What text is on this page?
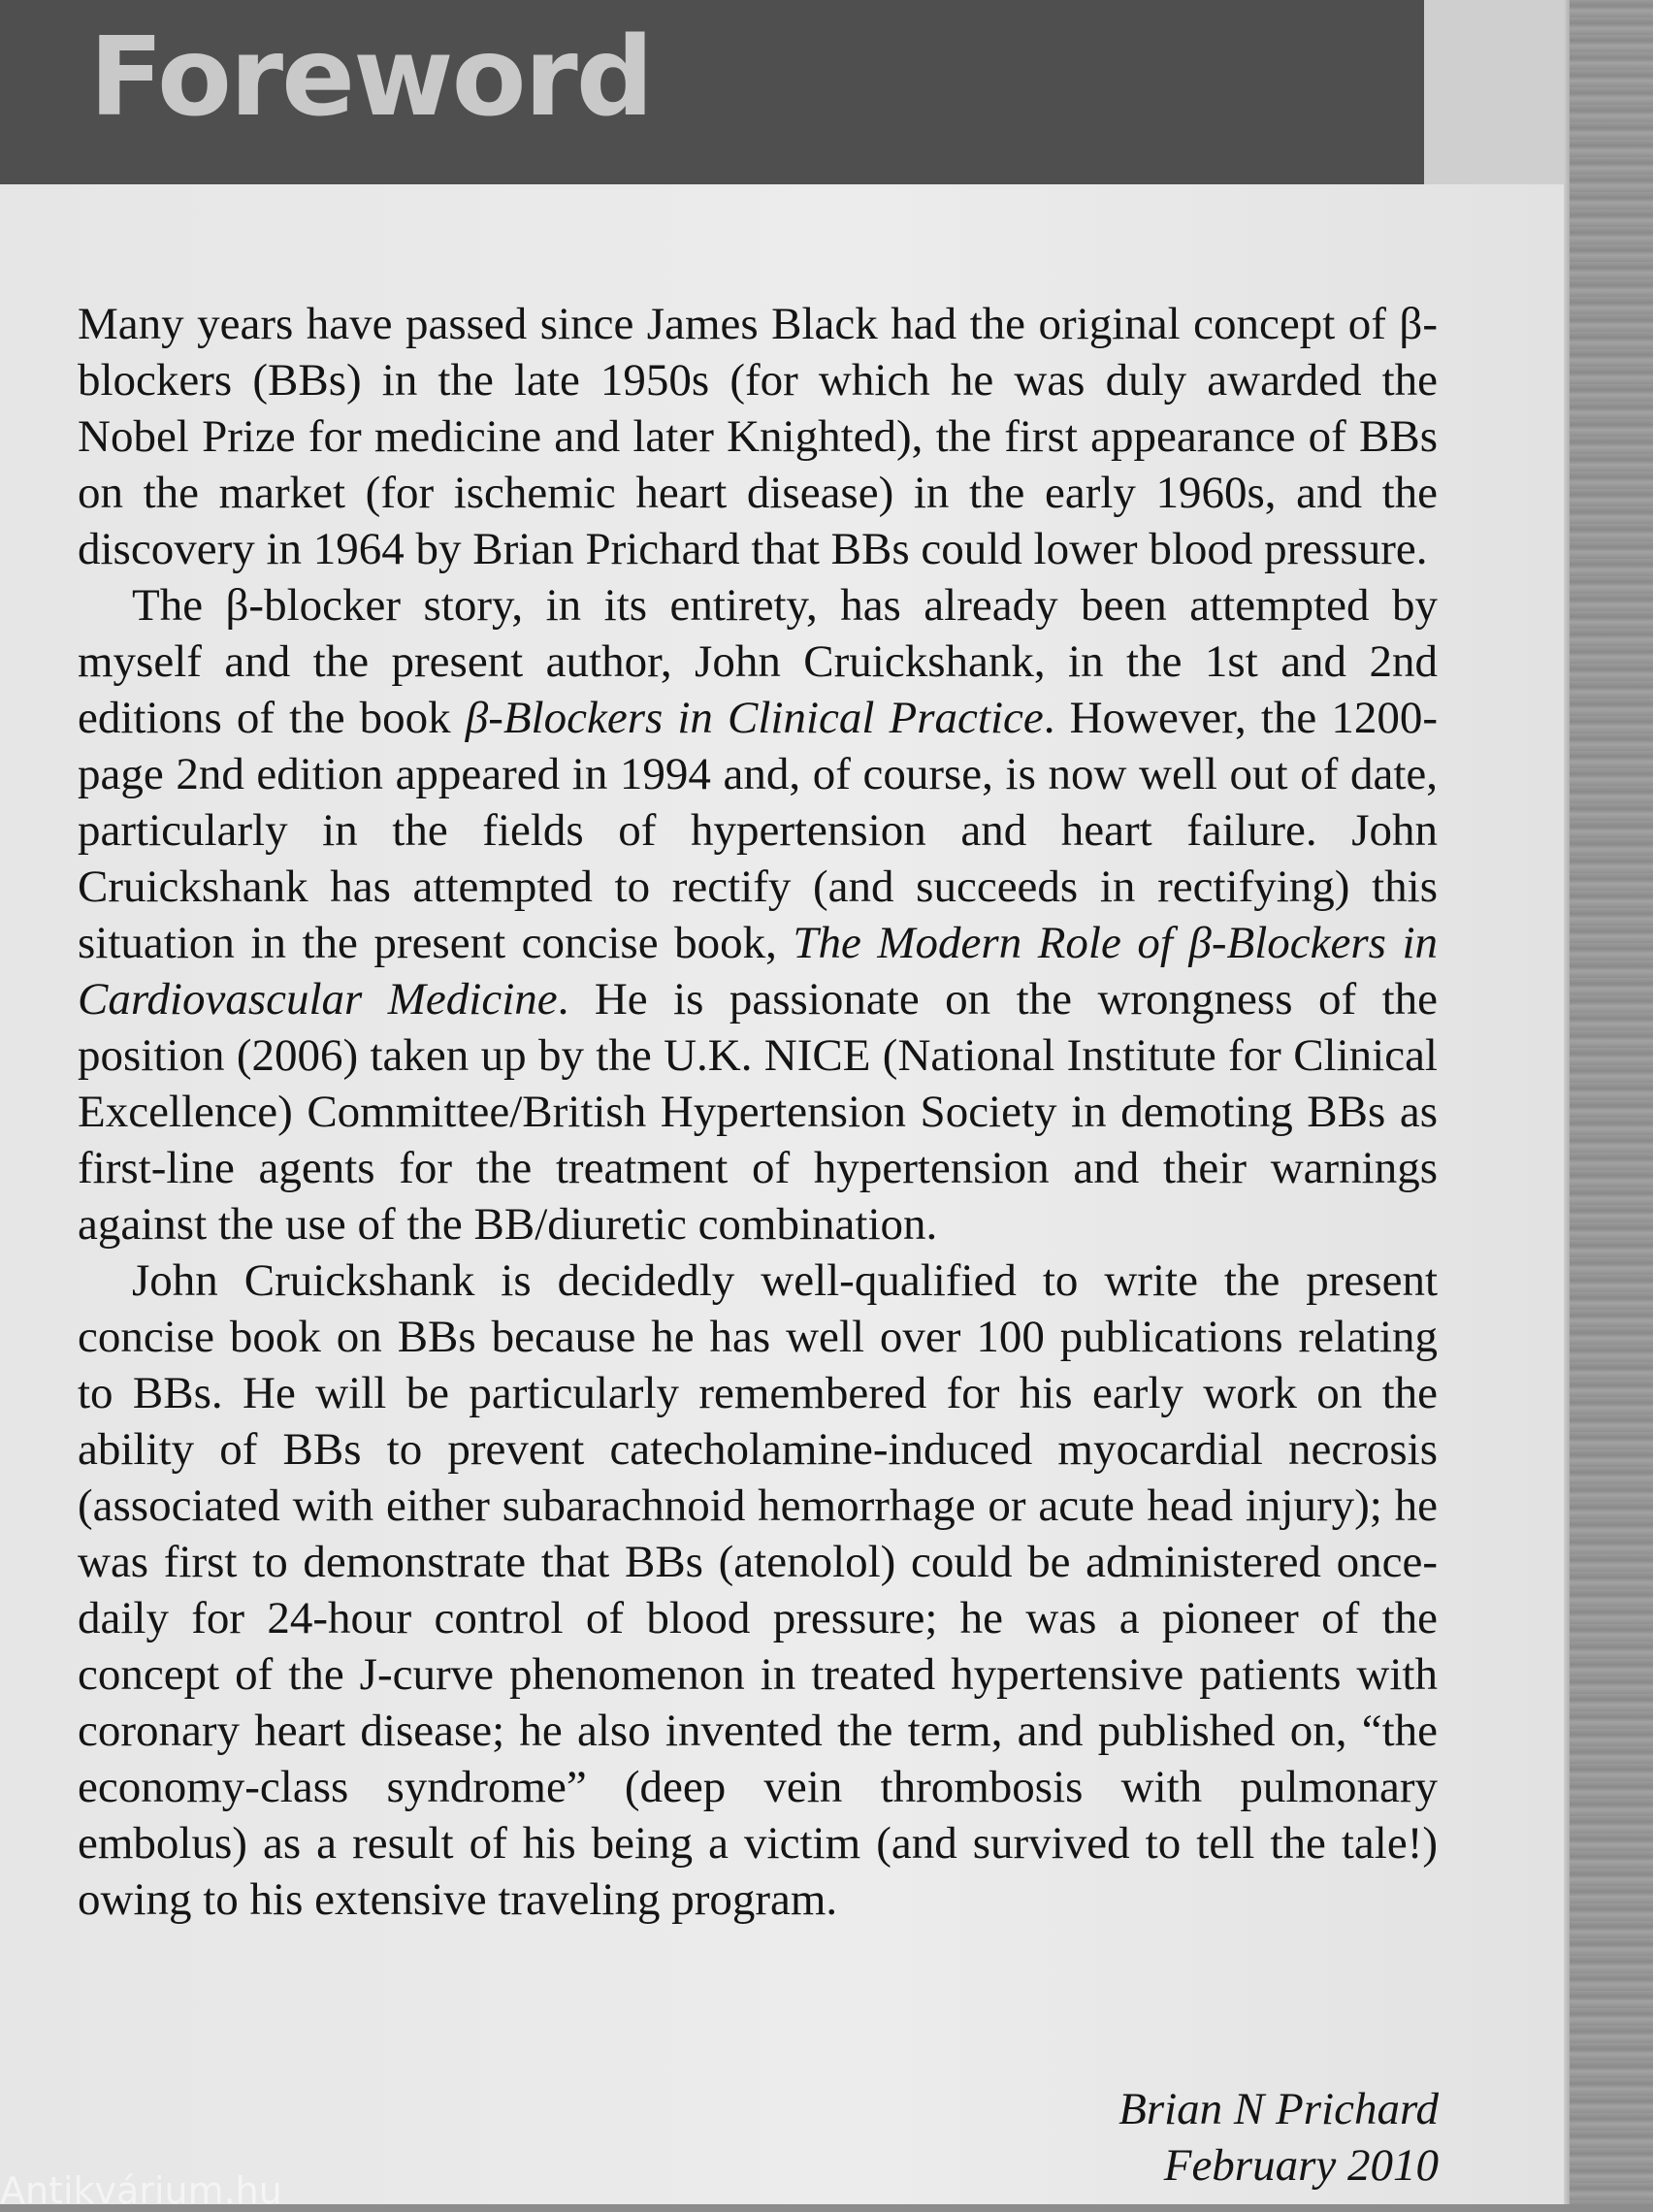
Foreword

Many years have passed since James Black had the original concept of β-blockers (BBs) in the late 1950s (for which he was duly awarded the Nobel Prize for medicine and later Knighted), the first appearance of BBs on the market (for ischemic heart disease) in the early 1960s, and the discovery in 1964 by Brian Prichard that BBs could lower blood pressure.

The β-blocker story, in its entirety, has already been attempted by myself and the present author, John Cruickshank, in the 1st and 2nd editions of the book β-Blockers in Clinical Practice. However, the 1200-page 2nd edition appeared in 1994 and, of course, is now well out of date, particularly in the fields of hypertension and heart failure. John Cruickshank has attempted to rectify (and succeeds in rectifying) this situation in the present concise book, The Modern Role of β-Blockers in Cardiovascular Medicine. He is passionate on the wrongness of the position (2006) taken up by the U.K. NICE (National Institute for Clinical Excellence) Committee/British Hypertension Society in demoting BBs as first-line agents for the treatment of hypertension and their warnings against the use of the BB/diuretic combination.

John Cruickshank is decidedly well-qualified to write the present concise book on BBs because he has well over 100 publications relating to BBs. He will be particularly remembered for his early work on the ability of BBs to prevent catecholamine-induced myocardial necrosis (associated with either subarachnoid hemorrhage or acute head injury); he was first to demonstrate that BBs (atenolol) could be administered once-daily for 24-hour control of blood pressure; he was a pioneer of the concept of the J-curve phenomenon in treated hypertensive patients with coronary heart disease; he also invented the term, and published on, “the economy-class syndrome” (deep vein thrombosis with pulmonary embolus) as a result of his being a victim (and survived to tell the tale!) owing to his extensive traveling program.

Brian N Prichard
February 2010
Antikvárium.hu
